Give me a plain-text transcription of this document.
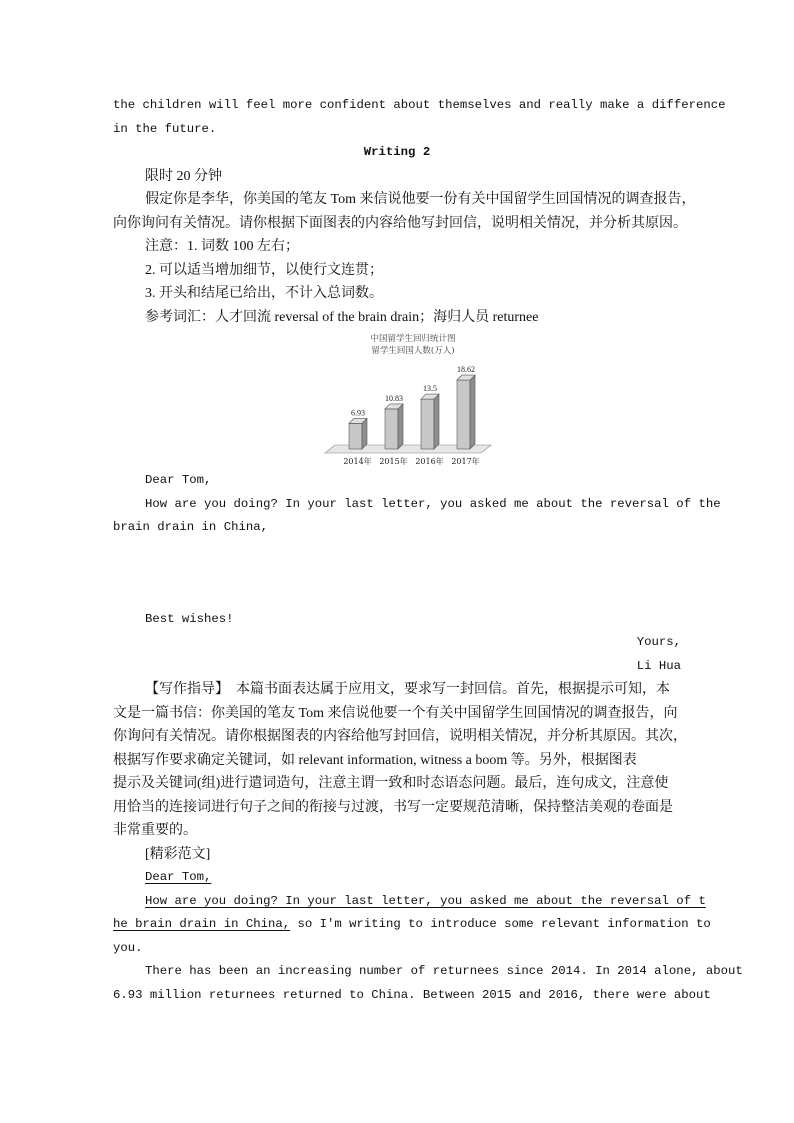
the children will feel more confident about themselves and really make a difference
in the future.
Writing 2
限时 20 分钟
假定你是李华，你美国的笔友 Tom 来信说他要一份有关中国留学生回国情况的调查报告，
向你询问有关情况。请你根据下面图表的内容给他写封回信，说明相关情况，并分析其原因。
注意：1. 词数 100 左右；
2. 可以适当增加细节，以使行文连贯；
3. 开头和结尾已给出，不计入总词数。
参考词汇：人才回流 reversal of the brain drain；海归人员 returnee
中国留学生回归统计图
留学生回国人数(万人)
6.93
2014年
10.83
2015年
13.5
2016年
18.62
2017年
Dear Tom,
How are you doing? In your last letter, you asked me about the reversal of the
brain drain in China,
Best wishes!
Yours,
Li Hua
【写作指导】 本篇书面表达属于应用文，要求写一封回信。首先，根据提示可知，本
文是一篇书信：你美国的笔友 Tom 来信说他要一个有关中国留学生回国情况的调查报告，向
你询问有关情况。请你根据图表的内容给他写封回信，说明相关情况，并分析其原因。其次，
根据写作要求确定关键词，如 relevant information, witness a boom 等。另外，根据图表
提示及关键词(组)进行遣词造句，注意主谓一致和时态语态问题。最后，连句成文，注意使
用恰当的连接词进行句子之间的衔接与过渡，书写一定要规范清晰，保持整洁美观的卷面是
非常重要的。
[精彩范文]
Dear Tom,
How are you doing? In your last letter, you asked me about the reversal of t
he brain drain in China, so I'm writing to introduce some relevant information to
you.
There has been an increasing number of returnees since 2014. In 2014 alone, about
6.93 million returnees returned to China. Between 2015 and 2016, there were about
